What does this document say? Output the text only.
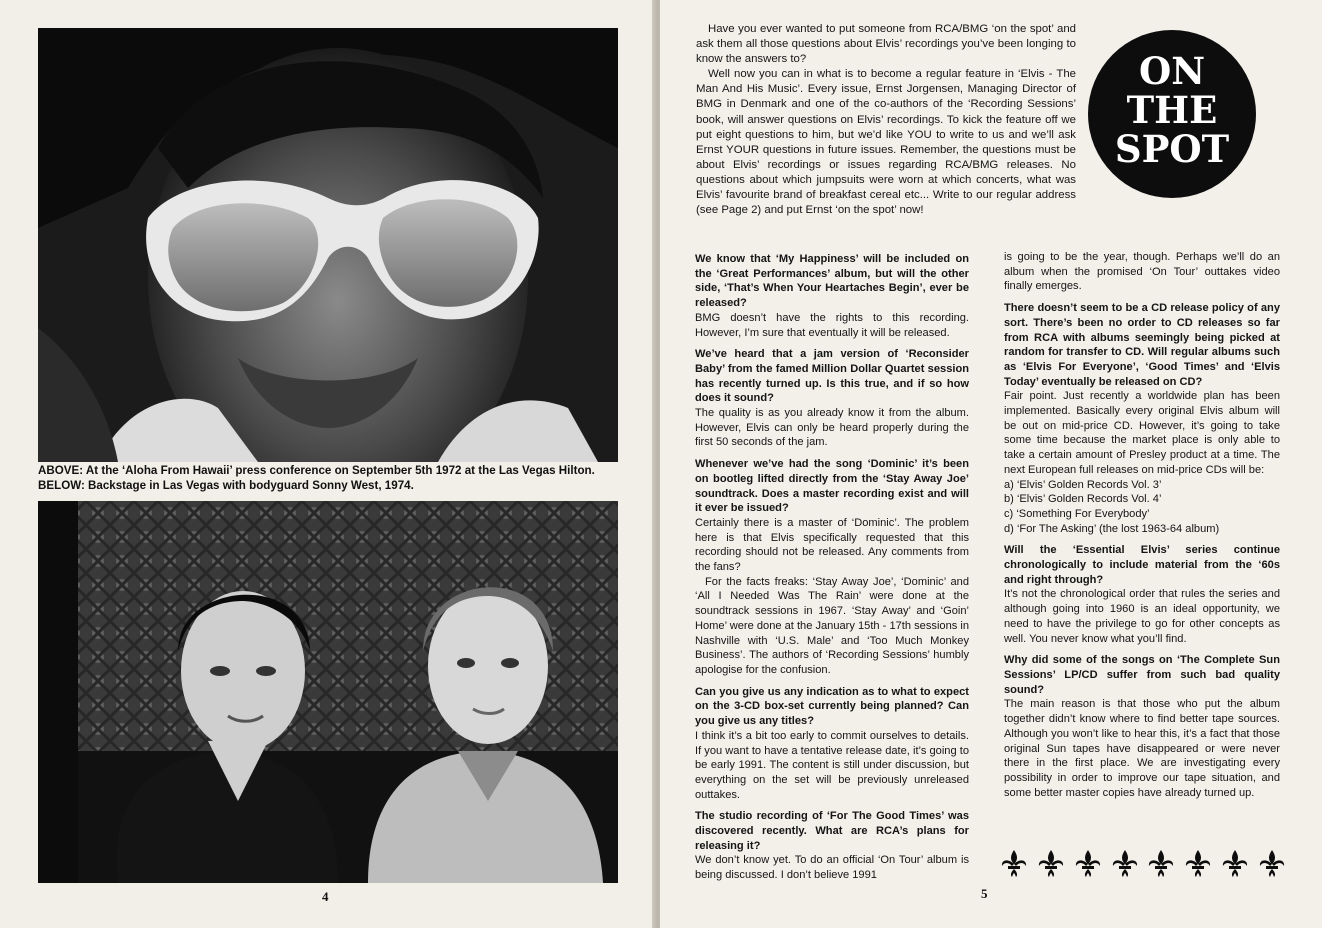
ABOVE: At the ‘Aloha From Hawaii’ press conference on September 5th 1972 at the Las Vegas Hilton.
BELOW: Backstage in Las Vegas with bodyguard Sonny West, 1974.
4

Have you ever wanted to put someone from RCA/BMG ‘on the spot’ and ask them all those questions about Elvis’ recordings you’ve been longing to know the answers to?

Well now you can in what is to become a regular feature in ‘Elvis - The Man And His Music’. Every issue, Ernst Jorgensen, Managing Director of BMG in Denmark and one of the co-authors of the ‘Recording Sessions’ book, will answer questions on Elvis’ recordings. To kick the feature off we put eight questions to him, but we’d like YOU to write to us and we’ll ask Ernst YOUR questions in future issues. Remember, the questions must be about Elvis’ recordings or issues regarding RCA/BMG releases. No questions about which jumpsuits were worn at which concerts, what was Elvis’ favourite brand of breakfast cereal etc... Write to our regular address (see Page 2) and put Ernst ‘on the spot’ now!

ON
THE
SPOT
We know that ‘My Happiness’ will be included on the ‘Great Performances’ album, but will the other side, ‘That’s When Your Heartaches Begin’, ever be released?
BMG doesn’t have the rights to this recording. However, I’m sure that eventually it will be released.
We’ve heard that a jam version of ‘Reconsider Baby’ from the famed Million Dollar Quartet session has recently turned up. Is this true, and if so how does it sound?
The quality is as you already know it from the album. However, Elvis can only be heard properly during the first 50 seconds of the jam.
Whenever we’ve had the song ‘Dominic’ it’s been on bootleg lifted directly from the ‘Stay Away Joe’ soundtrack. Does a master recording exist and will it ever be issued?
Certainly there is a master of ‘Dominic’. The problem here is that Elvis specifically requested that this recording should not be released. Any comments from the fans?
For the facts freaks: ‘Stay Away Joe’, ‘Dominic’ and ‘All I Needed Was The Rain’ were done at the soundtrack sessions in 1967. ‘Stay Away’ and ‘Goin’ Home’ were done at the January 15th - 17th sessions in Nashville with ‘U.S. Male’ and ‘Too Much Monkey Business’. The authors of ‘Recording Sessions’ humbly apologise for the confusion.
Can you give us any indication as to what to expect on the 3-CD box-set currently being planned? Can you give us any titles?
I think it’s a bit too early to commit ourselves to details. If you want to have a tentative release date, it’s going to be early 1991. The content is still under discussion, but everything on the set will be previously unreleased outtakes.
The studio recording of ‘For The Good Times’ was discovered recently. What are RCA’s plans for releasing it?
We don’t know yet. To do an official ‘On Tour’ album is being discussed. I don’t believe 1991
is going to be the year, though. Perhaps we’ll do an album when the promised ‘On Tour’ outtakes video finally emerges.
There doesn’t seem to be a CD release policy of any sort. There’s been no order to CD releases so far from RCA with albums seemingly being picked at random for transfer to CD. Will regular albums such as ‘Elvis For Everyone’, ‘Good Times’ and ‘Elvis Today’ eventually be released on CD?
Fair point. Just recently a worldwide plan has been implemented. Basically every original Elvis album will be out on mid-price CD. However, it’s going to take some time because the market place is only able to take a certain amount of Presley product at a time. The next European full releases on mid-price CDs will be:
a) ‘Elvis’ Golden Records Vol. 3’
b) ‘Elvis’ Golden Records Vol. 4’
c) ‘Something For Everybody’
d) ‘For The Asking’ (the lost 1963-64 album)
Will the ‘Essential Elvis’ series continue chronologically to include material from the ‘60s and right through?
It’s not the chronological order that rules the series and although going into 1960 is an ideal opportunity, we need to have the privilege to go for other concepts as well. You never know what you’ll find.
Why did some of the songs on ‘The Complete Sun Sessions’ LP/CD suffer from such bad quality sound?
The main reason is that those who put the album together didn’t know where to find better tape sources. Although you won’t like to hear this, it’s a fact that those original Sun tapes have disappeared or were never there in the first place. We are investigating every possibility in order to improve our tape situation, and some better master copies have already turned up.
5
